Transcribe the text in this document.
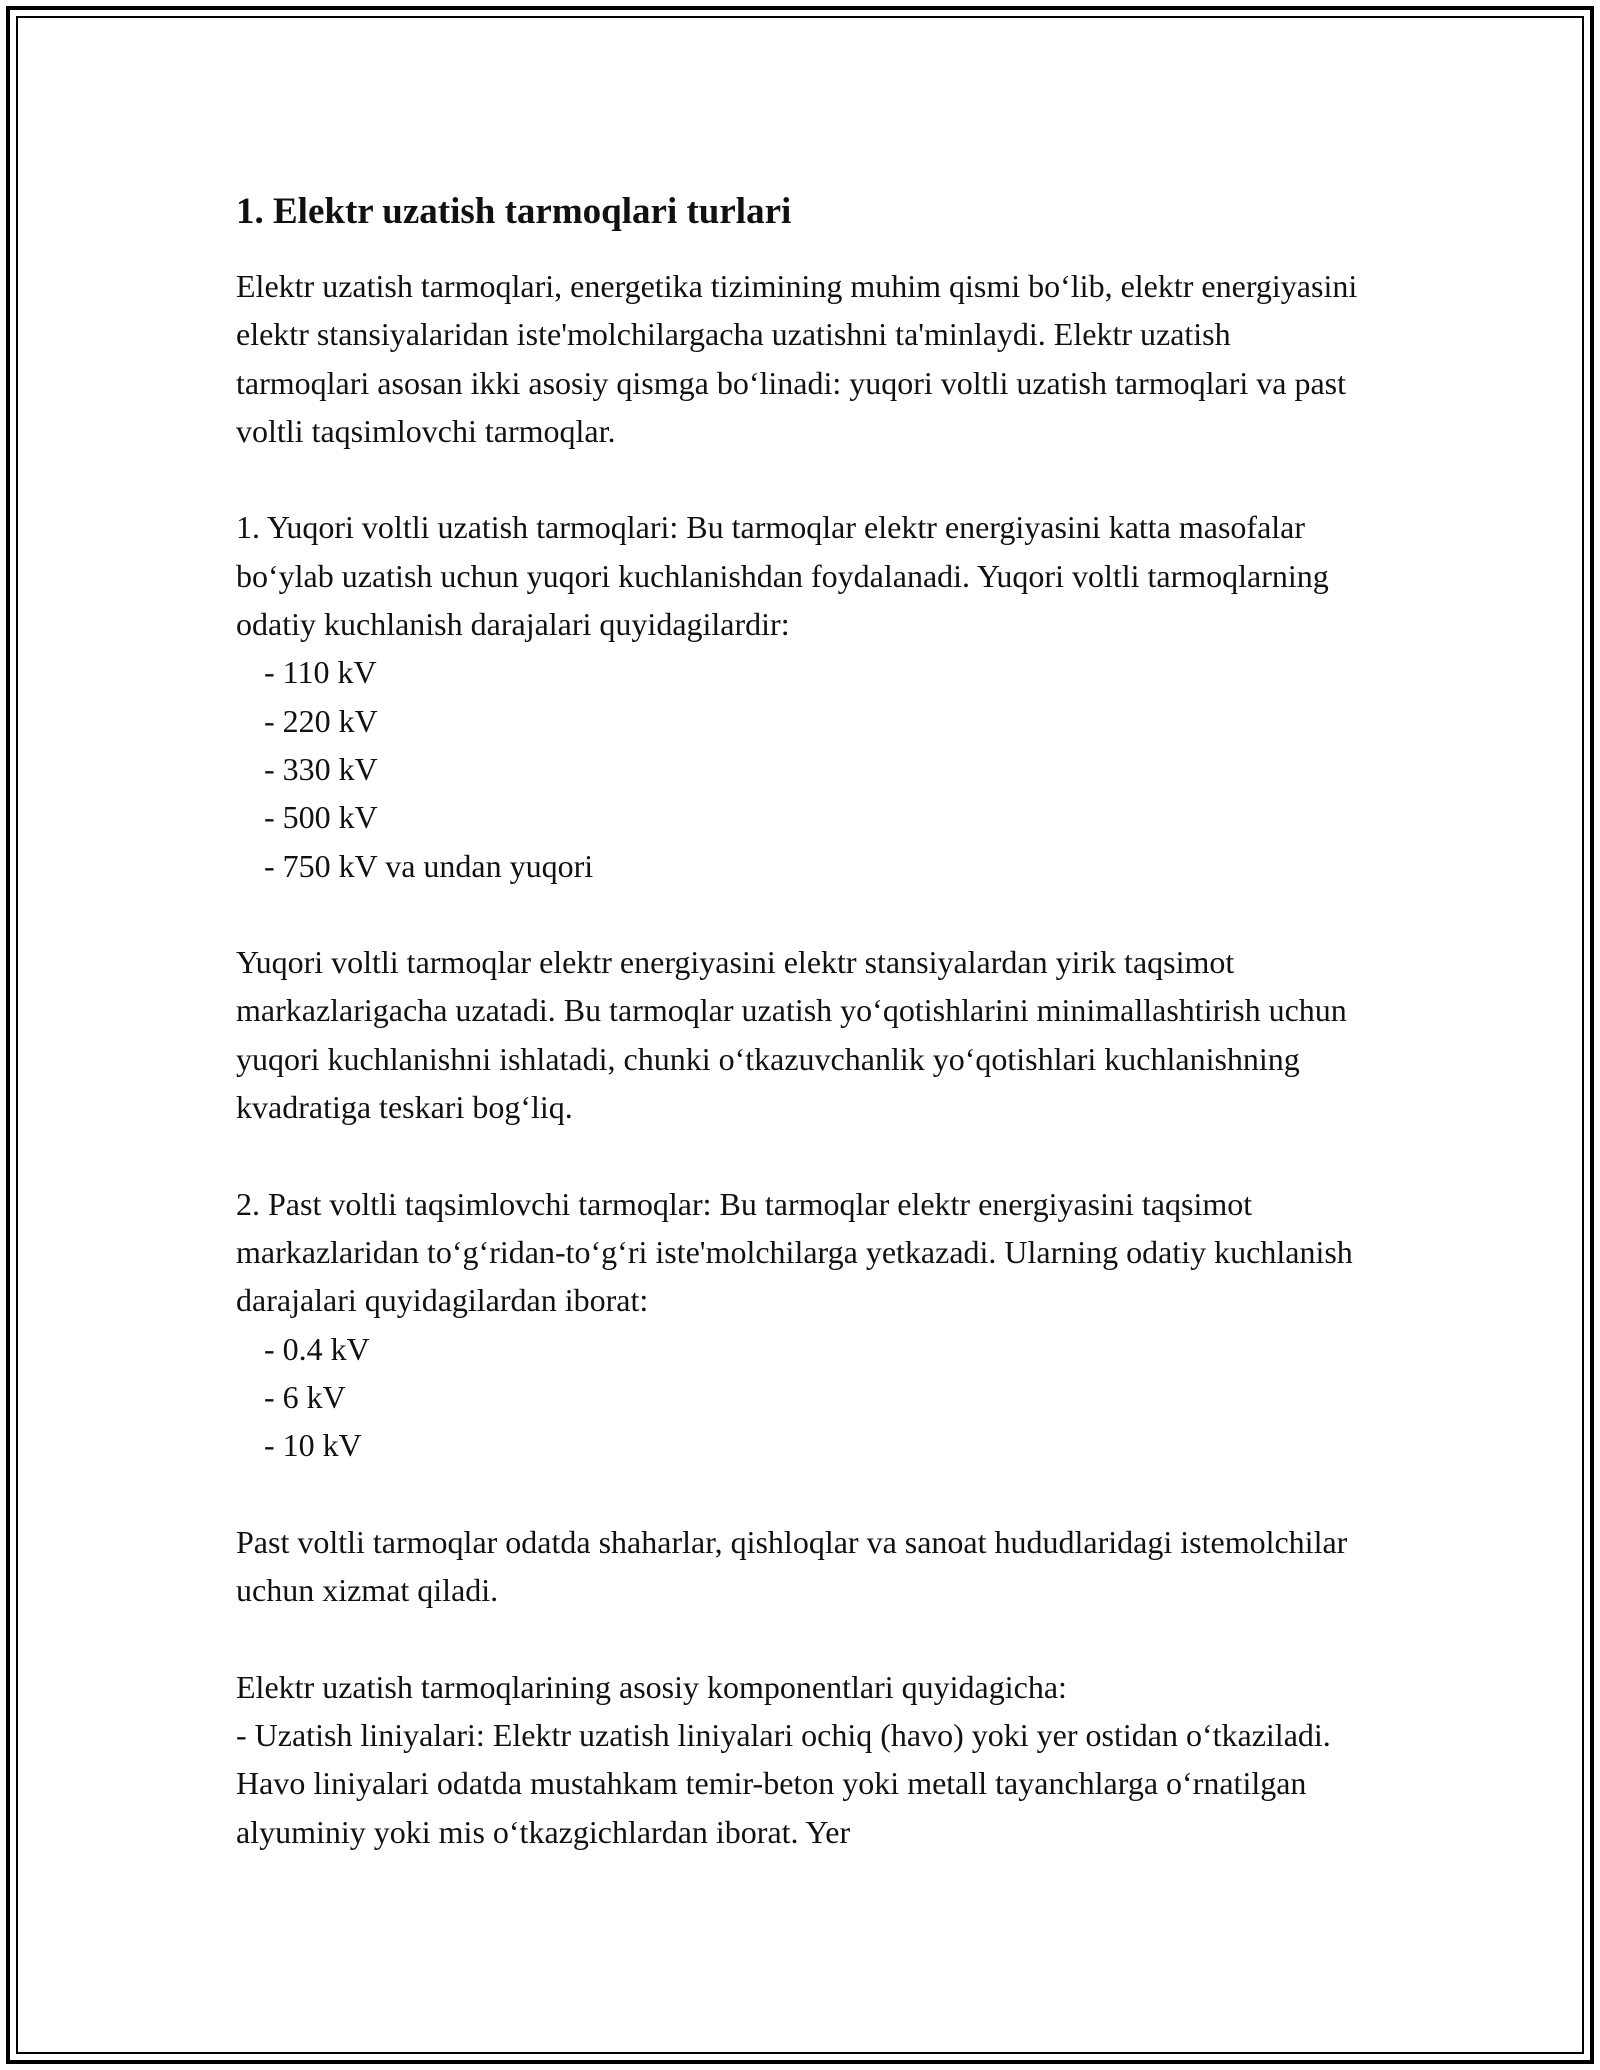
1. Elektr uzatish tarmoqlari turlari

Elektr uzatish tarmoqlari, energetika tizimining muhim qismi bo‘lib, elektr energiyasini elektr stansiyalaridan iste'molchilargacha uzatishni ta'minlaydi. Elektr uzatish tarmoqlari asosan ikki asosiy qismga bo‘linadi: yuqori voltli uzatish tarmoqlari va past voltli taqsimlovchi tarmoqlar.

1. Yuqori voltli uzatish tarmoqlari: Bu tarmoqlar elektr energiyasini katta masofalar bo‘ylab uzatish uchun yuqori kuchlanishdan foydalanadi. Yuqori voltli tarmoqlarning odatiy kuchlanish darajalari quyidagilardir:

- 110 kV
- 220 kV
- 330 kV
- 500 kV
- 750 kV va undan yuqori

Yuqori voltli tarmoqlar elektr energiyasini elektr stansiyalardan yirik taqsimot markazlarigacha uzatadi. Bu tarmoqlar uzatish yo‘qotishlarini minimallashtirish uchun yuqori kuchlanishni ishlatadi, chunki o‘tkazuvchanlik yo‘qotishlari kuchlanishning kvadratiga teskari bog‘liq.

2. Past voltli taqsimlovchi tarmoqlar: Bu tarmoqlar elektr energiyasini taqsimot markazlaridan to‘g‘ridan-to‘g‘ri iste'molchilarga yetkazadi. Ularning odatiy kuchlanish darajalari quyidagilardan iborat:

- 0.4 kV
- 6 kV
- 10 kV

Past voltli tarmoqlar odatda shaharlar, qishloqlar va sanoat hududlaridagi istemolchilar uchun xizmat qiladi.

Elektr uzatish tarmoqlarining asosiy komponentlari quyidagicha:

- Uzatish liniyalari: Elektr uzatish liniyalari ochiq (havo) yoki yer ostidan o‘tkaziladi. Havo liniyalari odatda mustahkam temir-beton yoki metall tayanchlarga o‘rnatilgan alyuminiy yoki mis o‘tkazgichlardan iborat. Yer
